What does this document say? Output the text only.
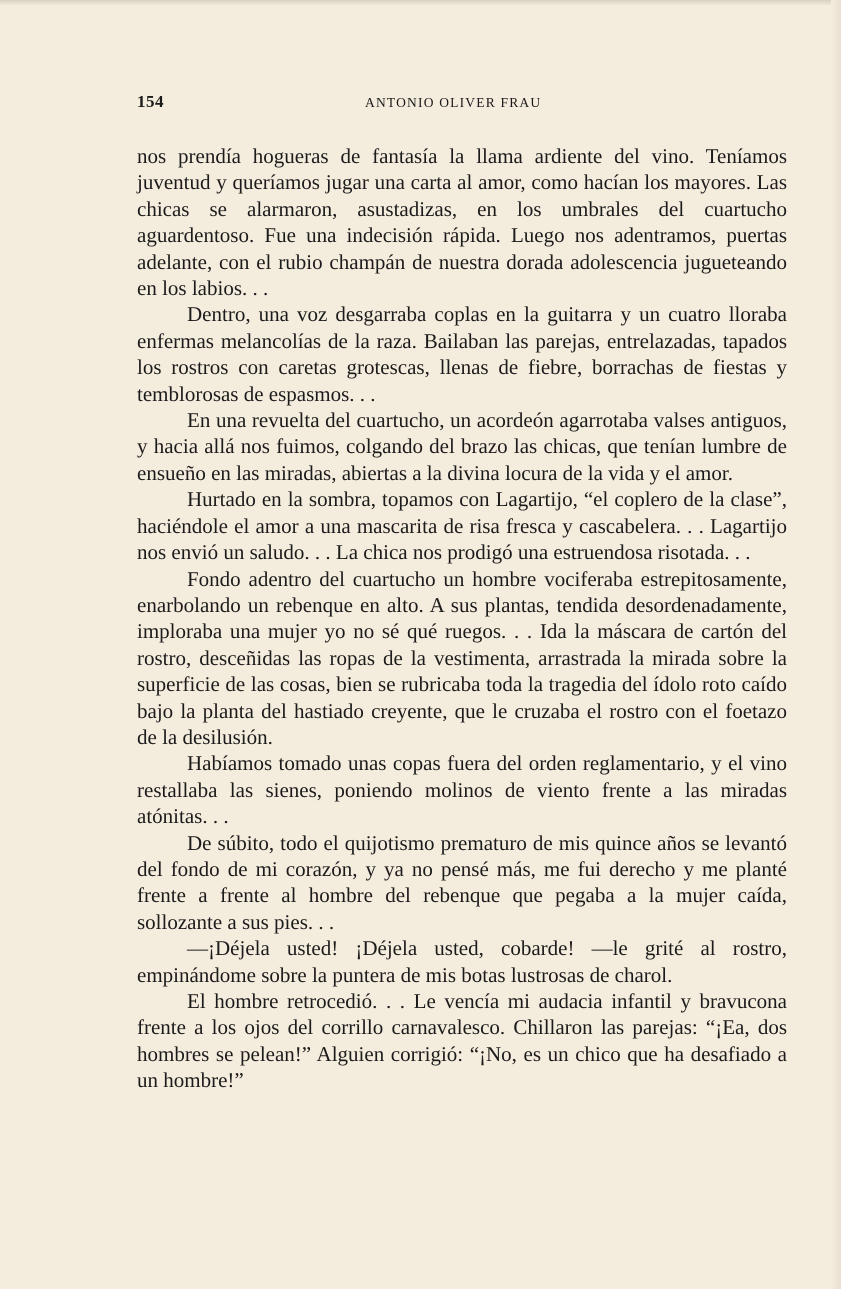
154	ANTONIO OLIVER FRAU

nos prendía hogueras de fantasía la llama ardiente del vino. Teníamos juventud y queríamos jugar una carta al amor, como hacían los mayores. Las chicas se alarmaron, asustadizas, en los umbrales del cuartucho aguardentoso. Fue una indecisión rápida. Luego nos adentramos, puertas adelante, con el rubio champán de nuestra dorada adolescencia jugueteando en los labios. . .

Dentro, una voz desgarraba coplas en la guitarra y un cuatro lloraba enfermas melancolías de la raza. Bailaban las parejas, entrelazadas, tapados los rostros con caretas grotescas, llenas de fiebre, borrachas de fiestas y temblorosas de espasmos. . .

En una revuelta del cuartucho, un acordeón agarrotaba valses antiguos, y hacia allá nos fuimos, colgando del brazo las chicas, que tenían lumbre de ensueño en las miradas, abiertas a la divina locura de la vida y el amor.

Hurtado en la sombra, topamos con Lagartijo, “el coplero de la clase”, haciéndole el amor a una mascarita de risa fresca y cascabelera. . . Lagartijo nos envió un saludo. . . La chica nos prodigó una estruendosa risotada. . .

Fondo adentro del cuartucho un hombre vociferaba estrepitosamente, enarbolando un rebenque en alto. A sus plantas, tendida desordenadamente, imploraba una mujer yo no sé qué ruegos. . . Ida la máscara de cartón del rostro, desceñidas las ropas de la vestimenta, arrastrada la mirada sobre la superficie de las cosas, bien se rubricaba toda la tragedia del ídolo roto caído bajo la planta del hastiado creyente, que le cruzaba el rostro con el foetazo de la desilusión.

Habíamos tomado unas copas fuera del orden reglamentario, y el vino restallaba las sienes, poniendo molinos de viento frente a las miradas atónitas. . .

De súbito, todo el quijotismo prematuro de mis quince años se levantó del fondo de mi corazón, y ya no pensé más, me fui derecho y me planté frente a frente al hombre del rebenque que pegaba a la mujer caída, sollozante a sus pies. . .

—¡Déjela usted! ¡Déjela usted, cobarde! —le grité al rostro, empinándome sobre la puntera de mis botas lustrosas de charol.

El hombre retrocedió. . . Le vencía mi audacia infantil y bravucona frente a los ojos del corrillo carnavalesco. Chillaron las parejas: “¡Ea, dos hombres se pelean!” Alguien corrigió: “¡No, es un chico que ha desafiado a un hombre!”
